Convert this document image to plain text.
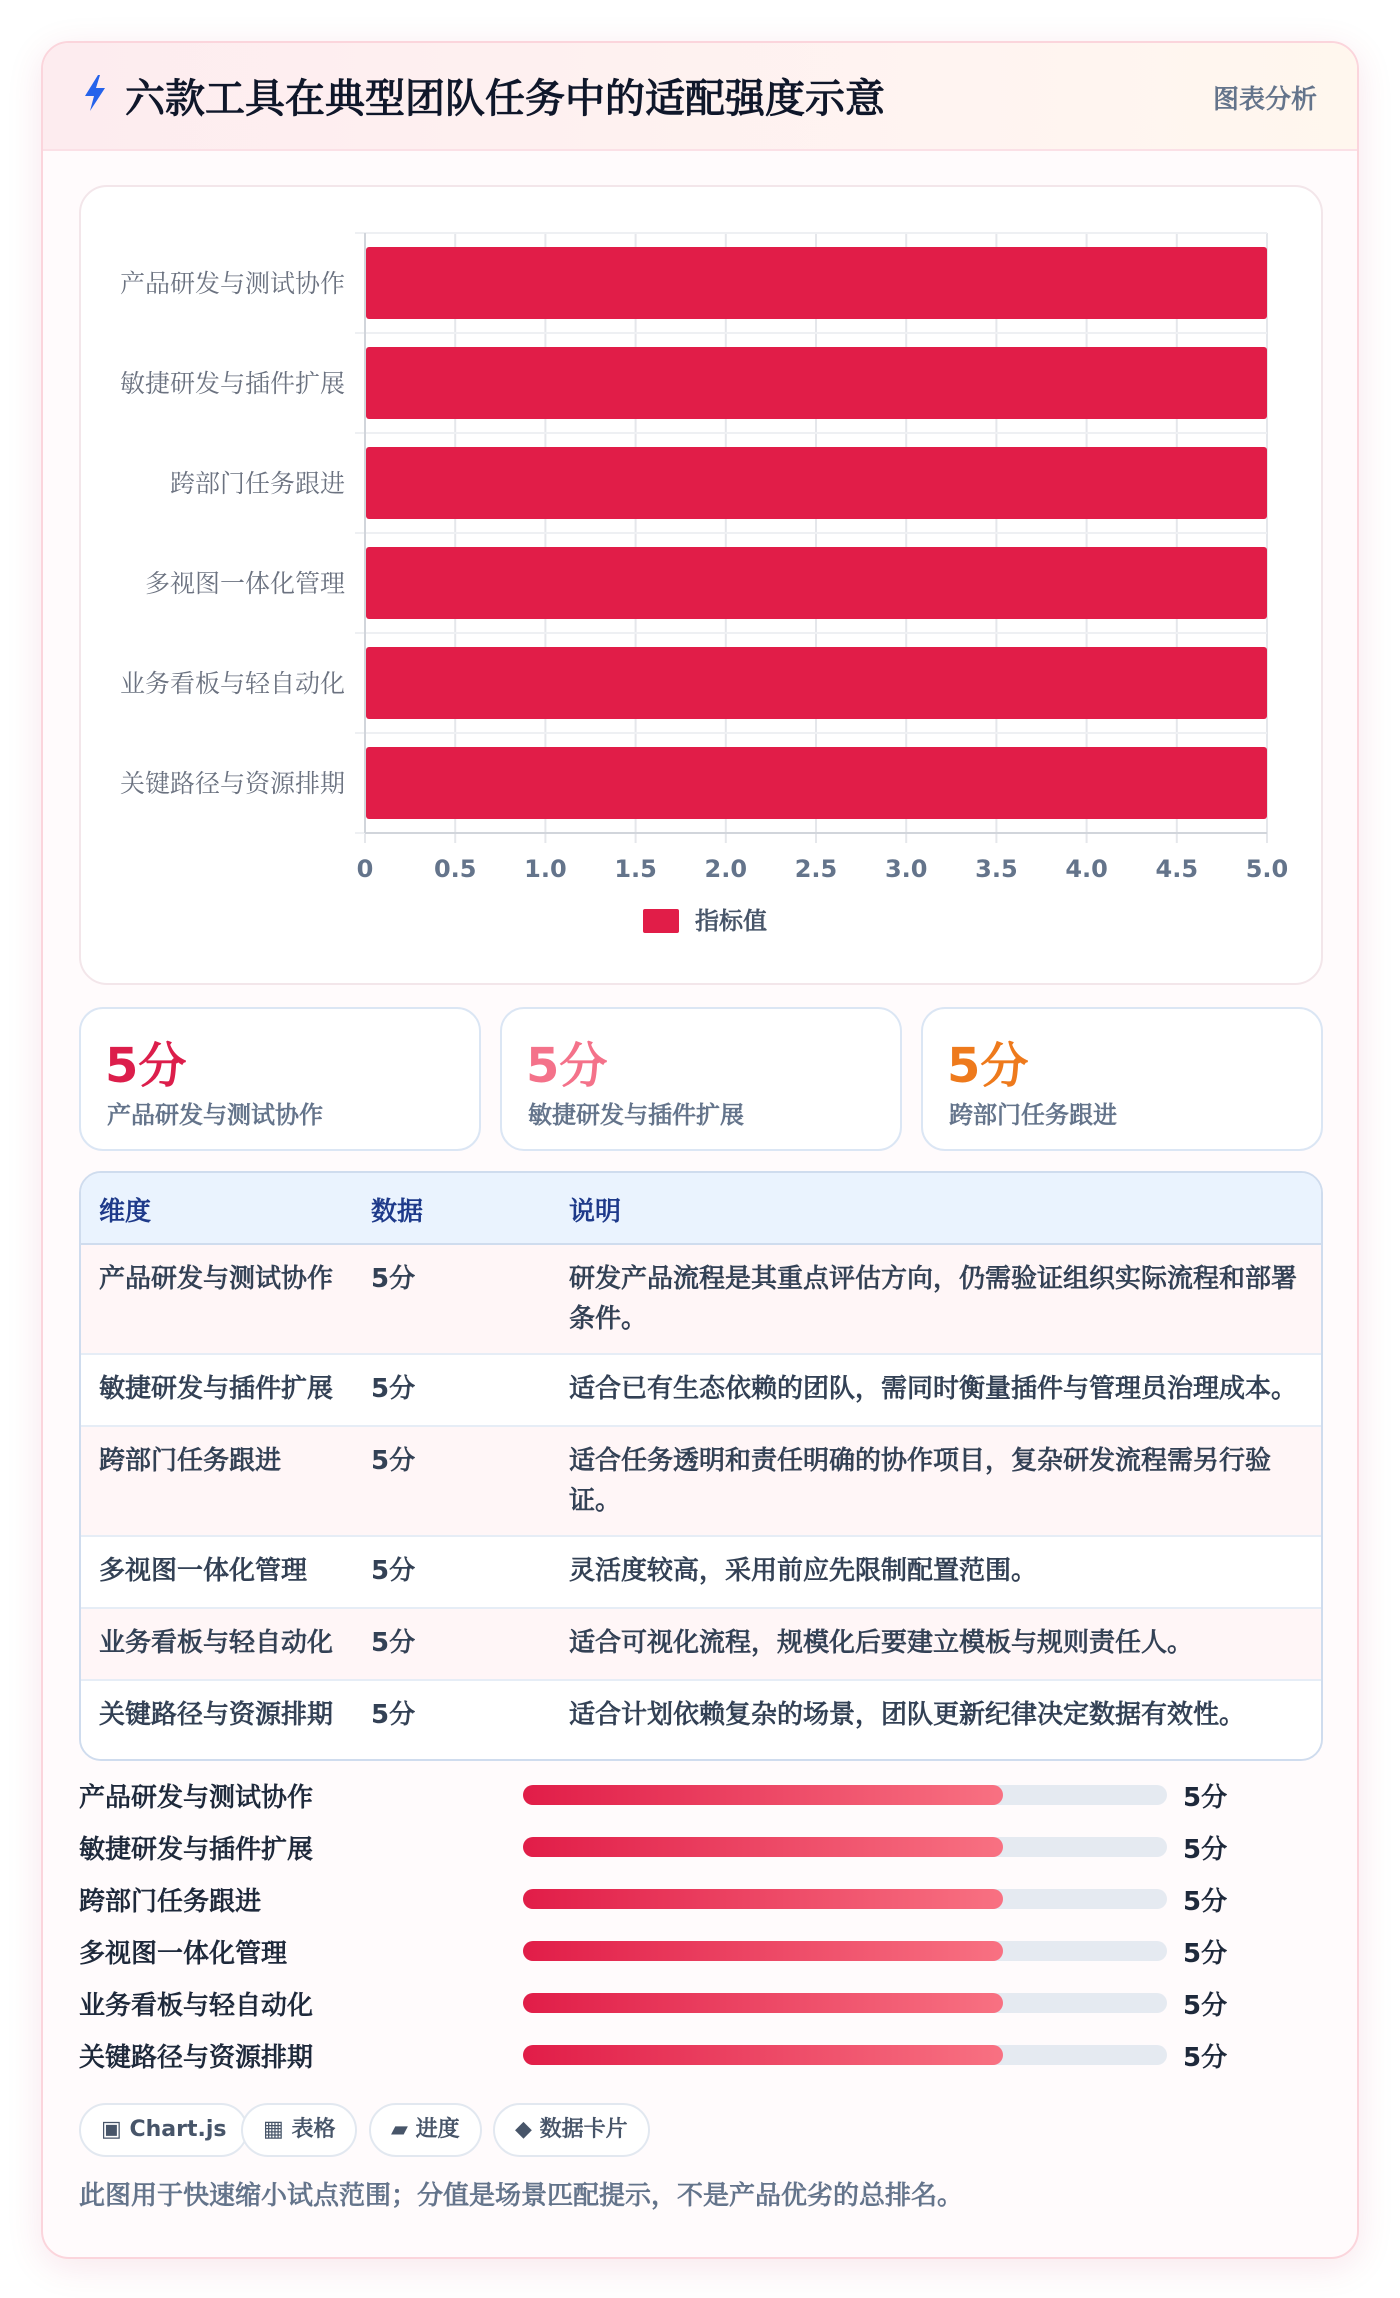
六款工具在典型团队任务中的适配强度示意	图表分析
0	0.5 1.0 1.5 2.0 2.5 3.0 3.5 4.0 4.5 5.0
产品研发与测试协作
敏捷研发与插件扩展
跨部门任务跟进
多视图一体化管理
业务看板与轻自动化
关键路径与资源排期
指标值
5分
产品研发与测试协作
5分
敏捷研发与插件扩展
5分
跨部门任务跟进
维度	数据	说明
产品研发与测试协作 5分	研发产品流程是其重点评估方向，仍需验证组织实际流程和部署条件。
敏捷研发与插件扩展 5分	适合已有生态依赖的团队，需同时衡量插件与管理员治理成本。
跨部门任务跟进	5分	适合任务透明和责任明确的协作项目，复杂研发流程需另行验证。
多视图一体化管理 5分	灵活度较高，采用前应先限制配置范围。
业务看板与轻自动化 5分	适合可视化流程，规模化后要建立模板与规则责任人。
关键路径与资源排期 5分	适合计划依赖复杂的场景，团队更新纪律决定数据有效性。
产品研发与测试协作	5分
敏捷研发与插件扩展	5分
跨部门任务跟进	5分
多视图一体化管理	5分
业务看板与轻自动化	5分
关键路径与资源排期	5分
▣ Chart.js	▦ 表格	▰ 进度	◆ 数据卡片
此图用于快速缩小试点范围；分值是场景匹配提示，不是产品优劣的总排名。
